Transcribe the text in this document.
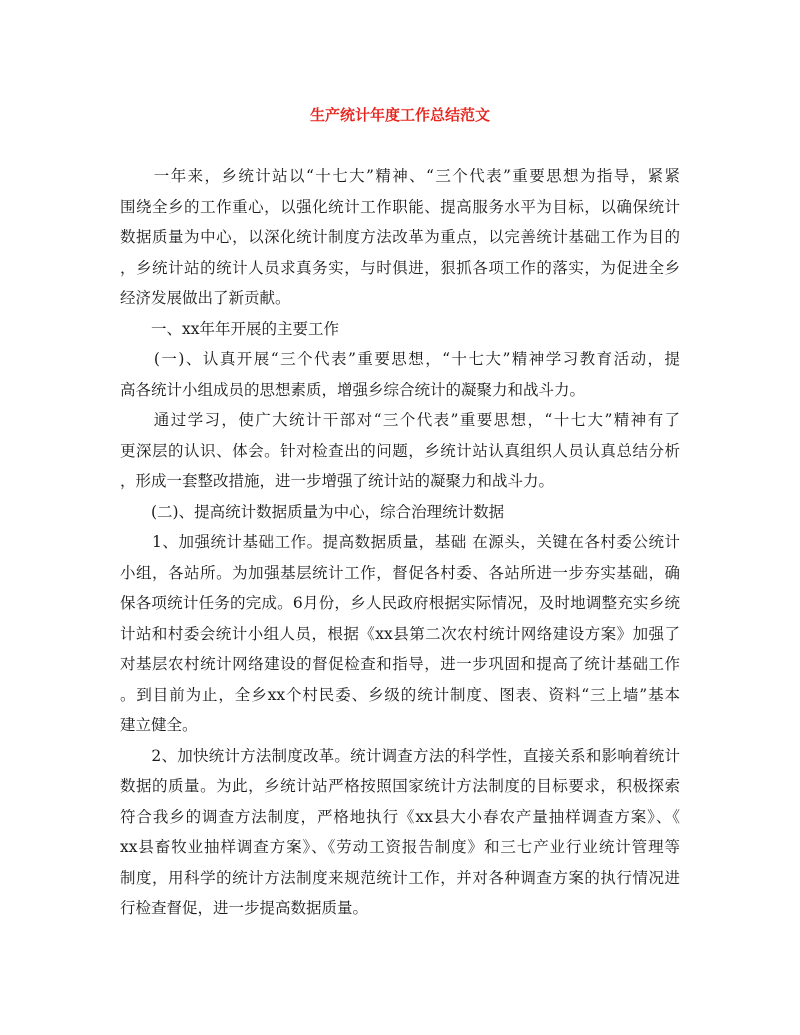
生产统计年度工作总结范文
　　一年来，乡统计站以“十七大”精神、“三个代表”重要思想为指导，紧紧
围绕全乡的工作重心，以强化统计工作职能、提高服务水平为目标，以确保统计
数据质量为中心，以深化统计制度方法改革为重点，以完善统计基础工作为目的
，乡统计站的统计人员求真务实，与时俱进，狠抓各项工作的落实，为促进全乡
经济发展做出了新贡献。
　　一、xx年年开展的主要工作
　　(一)、认真开展“三个代表”重要思想，“十七大”精神学习教育活动，提
高各统计小组成员的思想素质，增强乡综合统计的凝聚力和战斗力。
　　通过学习，使广大统计干部对“三个代表”重要思想，“十七大”精神有了
更深层的认识、体会。针对检查出的问题，乡统计站认真组织人员认真总结分析
，形成一套整改措施，进一步增强了统计站的凝聚力和战斗力。
　　(二)、提高统计数据质量为中心，综合治理统计数据
　　1、加强统计基础工作。提高数据质量，基础 在源头，关键在各村委公统计
小组，各站所。为加强基层统计工作，督促各村委、各站所进一步夯实基础，确
保各项统计任务的完成。6月份，乡人民政府根据实际情况，及时地调整充实乡统
计站和村委会统计小组人员，根据《xx县第二次农村统计网络建设方案》加强了
对基层农村统计网络建设的督促检查和指导，进一步巩固和提高了统计基础工作
。到目前为止，全乡xx个村民委、乡级的统计制度、图表、资料“三上墙”基本
建立健全。
　　2、加快统计方法制度改革。统计调查方法的科学性，直接关系和影响着统计
数据的质量。为此，乡统计站严格按照国家统计方法制度的目标要求，积极探索
符合我乡的调查方法制度，严格地执行《xx县大小春农产量抽样调查方案》、《
xx县畜牧业抽样调查方案》、《劳动工资报告制度》和三七产业行业统计管理等
制度，用科学的统计方法制度来规范统计工作，并对各种调查方案的执行情况进
行检查督促，进一步提高数据质量。
